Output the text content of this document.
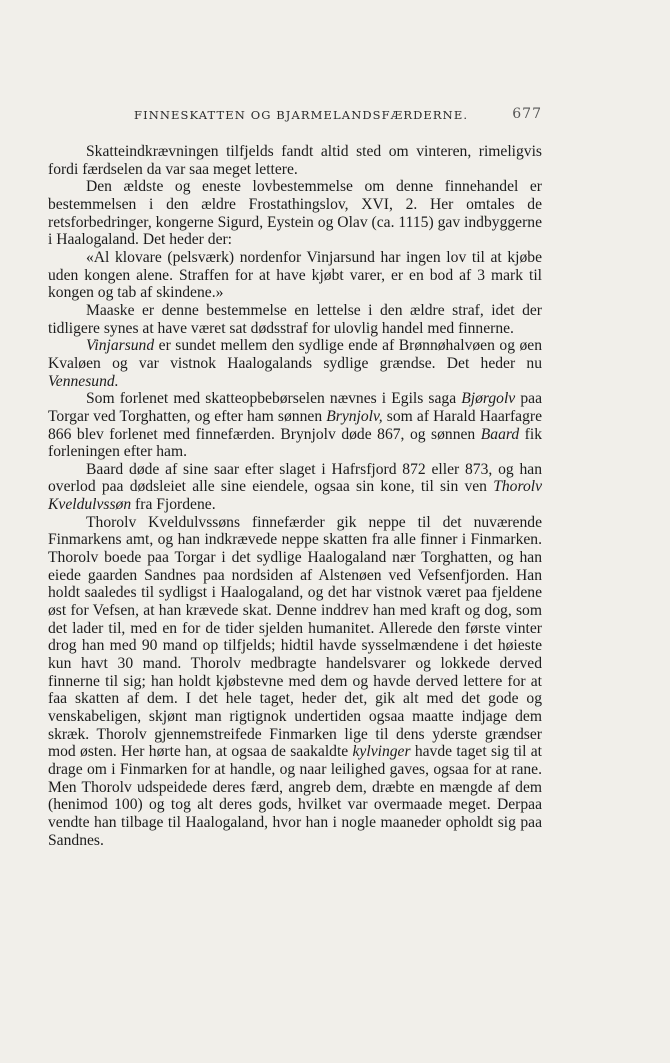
FINNESKATTEN OG BJARMELANDSFÆRDERNE.	677

Skatteindkrævningen tilfjelds fandt altid sted om vinteren, rimeligvis fordi færdselen da var saa meget lettere.

Den ældste og eneste lovbestemmelse om denne finnehandel er bestemmelsen i den ældre Frostathingslov, XVI, 2. Her omtales de retsforbedringer, kongerne Sigurd, Eystein og Olav (ca. 1115) gav indbyggerne i Haalogaland. Det heder der:

«Al klovare (pelsværk) nordenfor Vinjarsund har ingen lov til at kjøbe uden kongen alene. Straffen for at have kjøbt varer, er en bod af 3 mark til kongen og tab af skindene.»

Maaske er denne bestemmelse en lettelse i den ældre straf, idet der tidligere synes at have været sat dødsstraf for ulovlig handel med finnerne.

Vinjarsund er sundet mellem den sydlige ende af Brønnøhalvøen og øen Kvaløen og var vistnok Haalogalands sydlige grændse. Det heder nu Vennesund.

Som forlenet med skatteopbebørselen nævnes i Egils saga Bjørgolv paa Torgar ved Torghatten, og efter ham sønnen Brynjolv, som af Harald Haarfagre 866 blev forlenet med finnefærden. Brynjolv døde 867, og sønnen Baard fik forleningen efter ham.

Baard døde af sine saar efter slaget i Hafrsfjord 872 eller 873, og han overlod paa dødsleiet alle sine eiendele, ogsaa sin kone, til sin ven Thorolv Kveldulvssøn fra Fjordene.

Thorolv Kveldulvssøns finnefærder gik neppe til det nuværende Finmarkens amt, og han indkrævede neppe skatten fra alle finner i Finmarken. Thorolv boede paa Torgar i det sydlige Haalogaland nær Torghatten, og han eiede gaarden Sandnes paa nordsiden af Alstenøen ved Vefsenfjorden. Han holdt saaledes til sydligst i Haalogaland, og det har vistnok været paa fjeldene øst for Vefsen, at han krævede skat. Denne inddrev han med kraft og dog, som det lader til, med en for de tider sjelden humanitet. Allerede den første vinter drog han med 90 mand op tilfjelds; hidtil havde sysselmændene i det høieste kun havt 30 mand. Thorolv medbragte handelsvarer og lokkede derved finnerne til sig; han holdt kjøbstevne med dem og havde derved lettere for at faa skatten af dem. I det hele taget, heder det, gik alt med det gode og venskabeligen, skjønt man rigtignok undertiden ogsaa maatte indjage dem skræk. Thorolv gjennemstreifede Finmarken lige til dens yderste grændser mod østen. Her hørte han, at ogsaa de saakaldte kylvinger havde taget sig til at drage om i Finmarken for at handle, og naar leilighed gaves, ogsaa for at rane. Men Thorolv udspeidede deres færd, angreb dem, dræbte en mængde af dem (henimod 100) og tog alt deres gods, hvilket var overmaade meget. Derpaa vendte han tilbage til Haalogaland, hvor han i nogle maaneder opholdt sig paa Sandnes.
